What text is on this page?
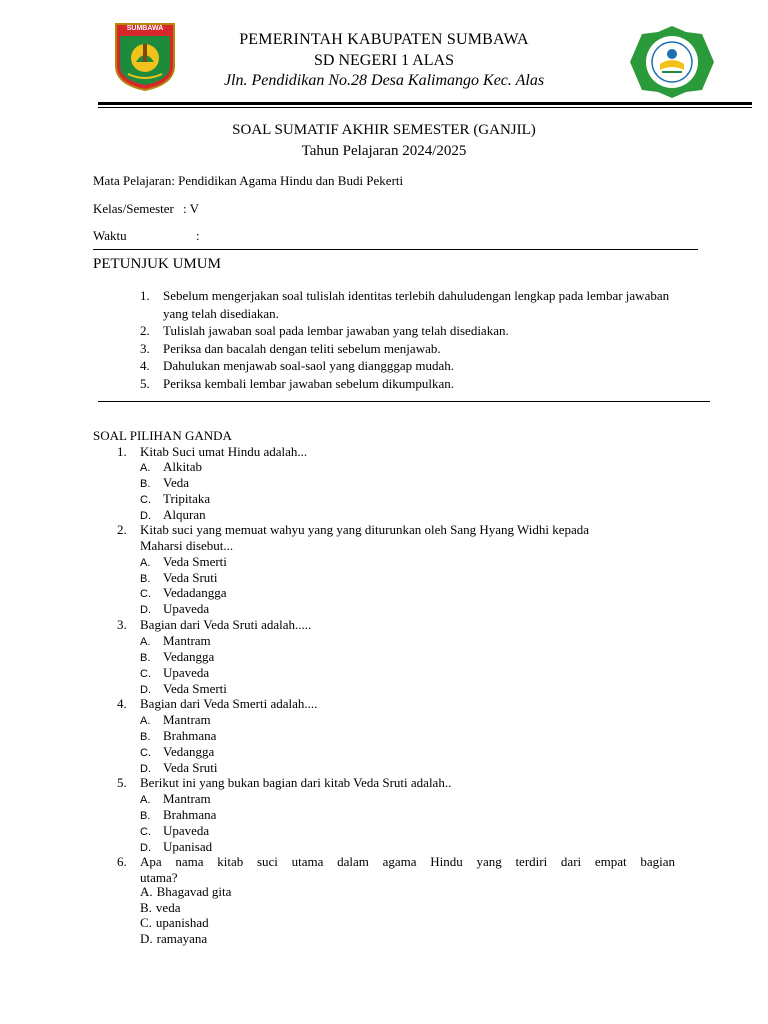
SUMBAWA
PEMERINTAH KABUPATEN SUMBAWA
SD NEGERI 1 ALAS
Jln. Pendidikan No.28 Desa Kalimango Kec. Alas
SOAL SUMATIF AKHIR SEMESTER (GANJIL)
Tahun Pelajaran 2024/2025
Mata Pelajaran: Pendidikan Agama Hindu dan Budi Pekerti
Kelas/Semester : V
Waktu	:
PETUNJUK UMUM
1. Sebelum mengerjakan soal tulislah identitas terlebih dahuludengan lengkap pada lembar jawaban yang telah disediakan.
2. Tulislah jawaban soal pada lembar jawaban yang telah disediakan.
3. Periksa dan bacalah dengan teliti sebelum menjawab.
4. Dahulukan menjawab soal-saol yang diangggap mudah.
5. Periksa kembali lembar jawaban sebelum dikumpulkan.
SOAL PILIHAN GANDA
1. Kitab Suci umat Hindu adalah...
A. Alkitab
B. Veda
C. Tripitaka
D. Alquran
2. Kitab suci yang memuat wahyu yang yang diturunkan oleh Sang Hyang Widhi kepada
Maharsi disebut...
A. Veda Smerti
B. Veda Sruti
C. Vedadangga
D. Upaveda
3. Bagian dari Veda Sruti adalah.....
A. Mantram
B. Vedangga
C. Upaveda
D. Veda Smerti
4. Bagian dari Veda Smerti adalah....
A. Mantram
B. Brahmana
C. Vedangga
D. Veda Sruti
5. Berikut ini yang bukan bagian dari kitab Veda Sruti adalah..
A. Mantram
B. Brahmana
C. Upaveda
D. Upanisad
6. Apa nama kitab suci utama dalam agama Hindu yang terdiri dari empat bagian
utama?
A. Bhagavad gita
B. veda
C. upanishad
D. ramayana
